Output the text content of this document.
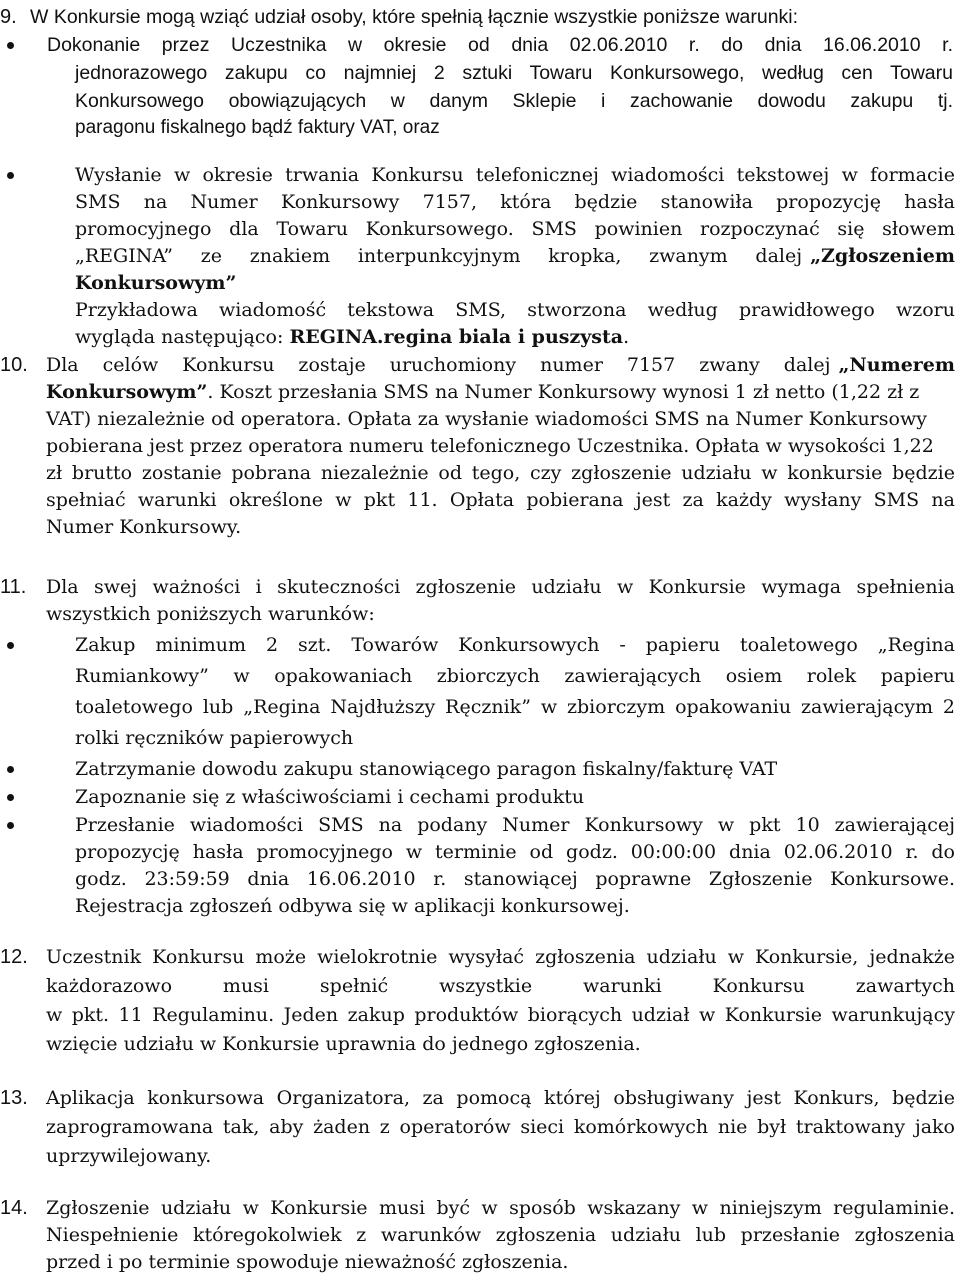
9. W Konkursie mogą wziąć udział osoby, które spełnią łącznie wszystkie poniższe warunki:
Dokonanie przez Uczestnika w okresie od dnia 02.06.2010 r. do dnia 16.06.2010 r.
jednorazowego zakupu co najmniej 2 sztuki Towaru Konkursowego, według cen Towaru
Konkursowego obowiązujących w danym Sklepie i zachowanie dowodu zakupu tj.
paragonu fiskalnego bądź faktury VAT, oraz
Wysłanie w okresie trwania Konkursu telefonicznej wiadomości tekstowej w formacie
SMS na Numer Konkursowy 7157, która będzie stanowiła propozycję hasła
promocyjnego dla Towaru Konkursowego. SMS powinien rozpoczynać się słowem
„REGINA” ze znakiem interpunkcyjnym kropka, zwanym dalej „Zgłoszeniem
Konkursowym”
Przykładowa wiadomość tekstowa SMS, stworzona według prawidłowego wzoru
wygląda następująco: REGINA.regina biala i puszysta.
10. Dla celów Konkursu zostaje uruchomiony numer 7157 zwany dalej „Numerem
Konkursowym”. Koszt przesłania SMS na Numer Konkursowy wynosi 1 zł netto (1,22 zł z
VAT) niezależnie od operatora. Opłata za wysłanie wiadomości SMS na Numer Konkursowy
pobierana jest przez operatora numeru telefonicznego Uczestnika. Opłata w wysokości 1,22
zł brutto zostanie pobrana niezależnie od tego, czy zgłoszenie udziału w konkursie będzie
spełniać warunki określone w pkt 11. Opłata pobierana jest za każdy wysłany SMS na
Numer Konkursowy.
11. Dla swej ważności i skuteczności zgłoszenie udziału w Konkursie wymaga spełnienia
wszystkich poniższych warunków:
Zakup minimum 2 szt. Towarów Konkursowych - papieru toaletowego „Regina
Rumiankowy” w opakowaniach zbiorczych zawierających osiem rolek papieru
toaletowego lub „Regina Najdłuższy Ręcznik” w zbiorczym opakowaniu zawierającym 2
rolki ręczników papierowych
Zatrzymanie dowodu zakupu stanowiącego paragon fiskalny/fakturę VAT
Zapoznanie się z właściwościami i cechami produktu
Przesłanie wiadomości SMS na podany Numer Konkursowy w pkt 10 zawierającej
propozycję hasła promocyjnego w terminie od godz. 00:00:00 dnia 02.06.2010 r. do
godz. 23:59:59 dnia 16.06.2010 r. stanowiącej poprawne Zgłoszenie Konkursowe.
Rejestracja zgłoszeń odbywa się w aplikacji konkursowej.
12. Uczestnik Konkursu może wielokrotnie wysyłać zgłoszenia udziału w Konkursie, jednakże
każdorazowo musi spełnić wszystkie warunki Konkursu zawartych
w pkt. 11 Regulaminu. Jeden zakup produktów biorących udział w Konkursie warunkujący
wzięcie udziału w Konkursie uprawnia do jednego zgłoszenia.
13. Aplikacja konkursowa Organizatora, za pomocą której obsługiwany jest Konkurs, będzie
zaprogramowana tak, aby żaden z operatorów sieci komórkowych nie był traktowany jako
uprzywilejowany.
14. Zgłoszenie udziału w Konkursie musi być w sposób wskazany w niniejszym regulaminie.
Niespełnienie któregokolwiek z warunków zgłoszenia udziału lub przesłanie zgłoszenia
przed i po terminie spowoduje nieważność zgłoszenia.
